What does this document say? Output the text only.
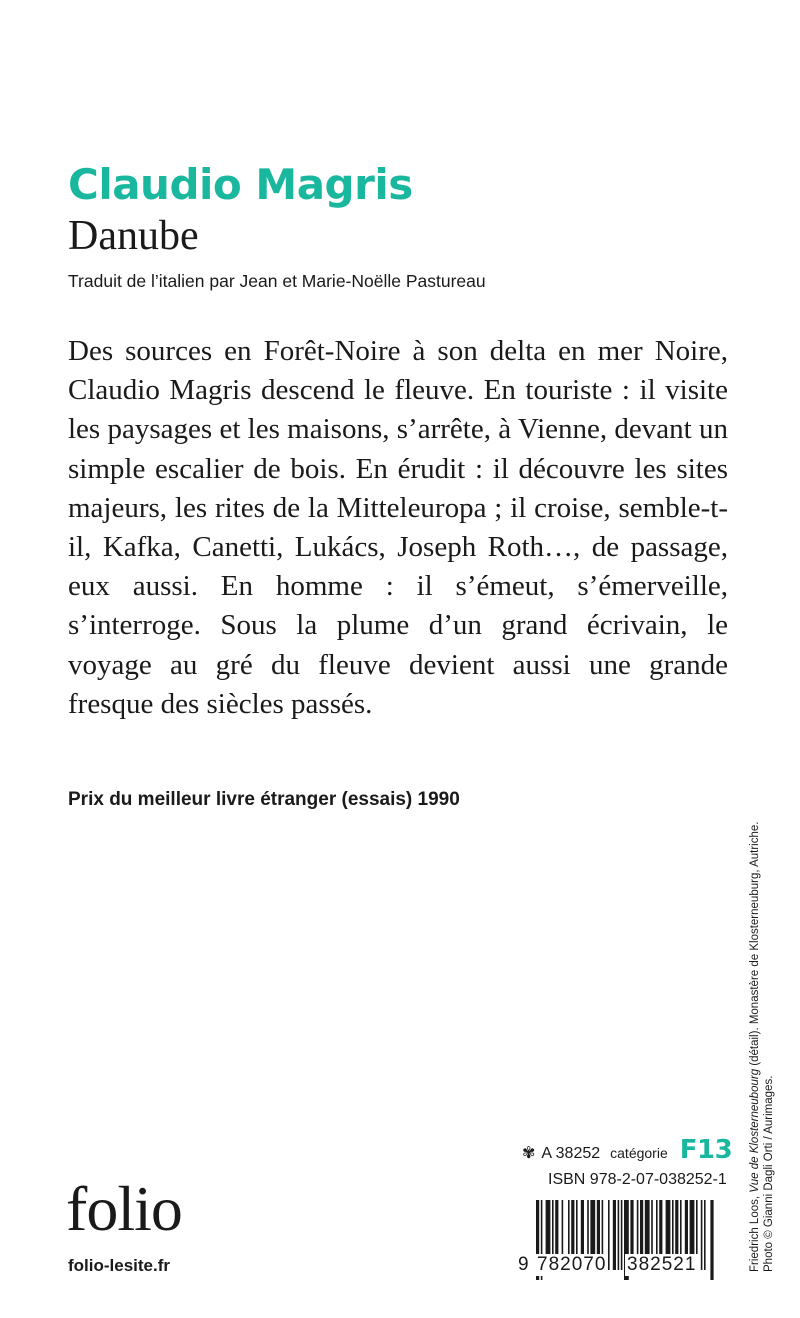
Claudio Magris
Danube
Traduit de l’italien par Jean et Marie-Noëlle Pastureau

Des sources en Forêt-Noire à son delta en mer Noire, Claudio Magris descend le fleuve. En touriste : il visite les paysages et les maisons, s’arrête, à Vienne, devant un simple escalier de bois. En érudit : il découvre les sites majeurs, les rites de la Mitteleuropa ; il croise, semble-t-il, Kafka, Canetti, Lukács, Joseph Roth…, de passage, eux aussi. En homme : il s’émeut, s’émerveille, s’interroge. Sous la plume d’un grand écrivain, le voyage au gré du fleuve devient aussi une grande fresque des siècles passés.

Prix du meilleur livre étranger (essais) 1990
Friedrich Loos, Vue de Klosterneubourg (détail). Monastère de Klosterneuburg, Autriche.
Photo © Gianni Dagli Orti / Aurimages.
✾ A 38252 catégorie F13
ISBN 978-2-07-038252-1
9 782070 382521
folio
folio-lesite.fr
